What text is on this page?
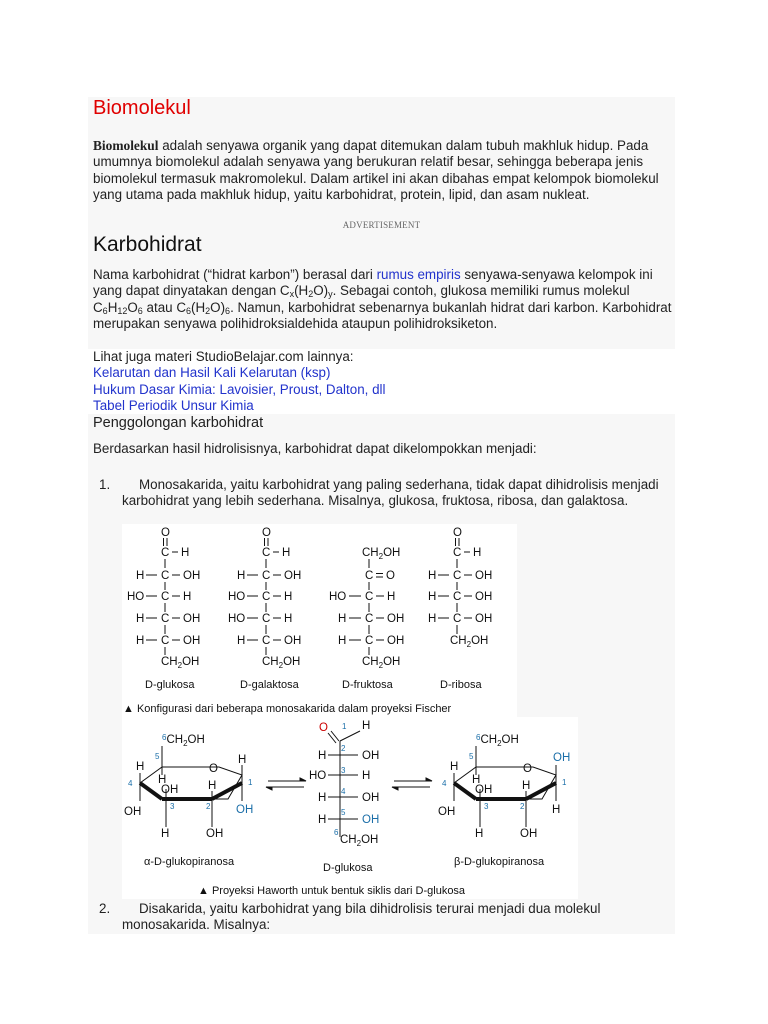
Biomolekul

Biomolekul adalah senyawa organik yang dapat ditemukan dalam tubuh makhluk hidup. Pada umumnya biomolekul adalah senyawa yang berukuran relatif besar, sehingga beberapa jenis biomolekul termasuk makromolekul. Dalam artikel ini akan dibahas empat kelompok biomolekul yang utama pada makhluk hidup, yaitu karbohidrat, protein, lipid, dan asam nukleat.

ADVERTISEMENT
Karbohidrat

Nama karbohidrat (“hidrat karbon”) berasal dari rumus empiris senyawa-senyawa kelompok ini yang dapat dinyatakan dengan $C_x(H_2O)_y$. Sebagai contoh, glukosa memiliki rumus molekul $C_6H_{12}O_6$ atau $C_6(H_2O)_6$. Namun, karbohidrat sebenarnya bukanlah hidrat dari karbon. Karbohidrat merupakan senyawa polihidroksialdehida ataupun polihidroksiketon.

Lihat juga materi StudioBelajar.com lainnya:
Kelarutan dan Hasil Kali Kelarutan (ksp)
Hukum Dasar Kimia: Lavoisier, Proust, Dalton, dll
Tabel Periodik Unsur Kimia
Penggolongan karbohidrat

Berdasarkan hasil hidrolisisnya, karbohidrat dapat dikelompokkan menjadi:

1.	Monosakarida, yaitu karbohidrat yang paling sederhana, tidak dapat dihidrolisis menjadi karbohidrat yang lebih sederhana. Misalnya, glukosa, fruktosa, ribosa, dan galaktosa.
O
C H
H C OH
HO C H
H C OH
H C OH
$CH_2OH$
O
C H
H C OH
HO C H
HO C H
H C OH
$CH_2OH$
$CH_2OH$
C O
HO C H
H C OH
H C OH
$CH_2OH$
O
C H
H C OH
H C OH
H C OH
$CH_2OH$
D-glukosa	D-galaktosa	D-fruktosa	D-ribosa
▲ Konfigurasi dari beberapa monosakarida dalam proyeksi Fischer
$^6CH_2OH$
5
O
H
4 H
OH
OH
3
H
H
2
OH
H
1
OH
α-D-glukopiranosa
O 1 H
2
H	OH
3
HO	H
4
H	OH
5
H	OH
6
$CH_2OH$
D-glukosa
$^6CH_2OH$
5
O
H
4 H
OH
OH
3
H
H
2
OH
OH
1
H
β-D-glukopiranosa
▲ Proyeksi Haworth untuk bentuk siklis dari D-glukosa
2.	Disakarida, yaitu karbohidrat yang bila dihidrolisis terurai menjadi dua molekul monosakarida. Misalnya:
